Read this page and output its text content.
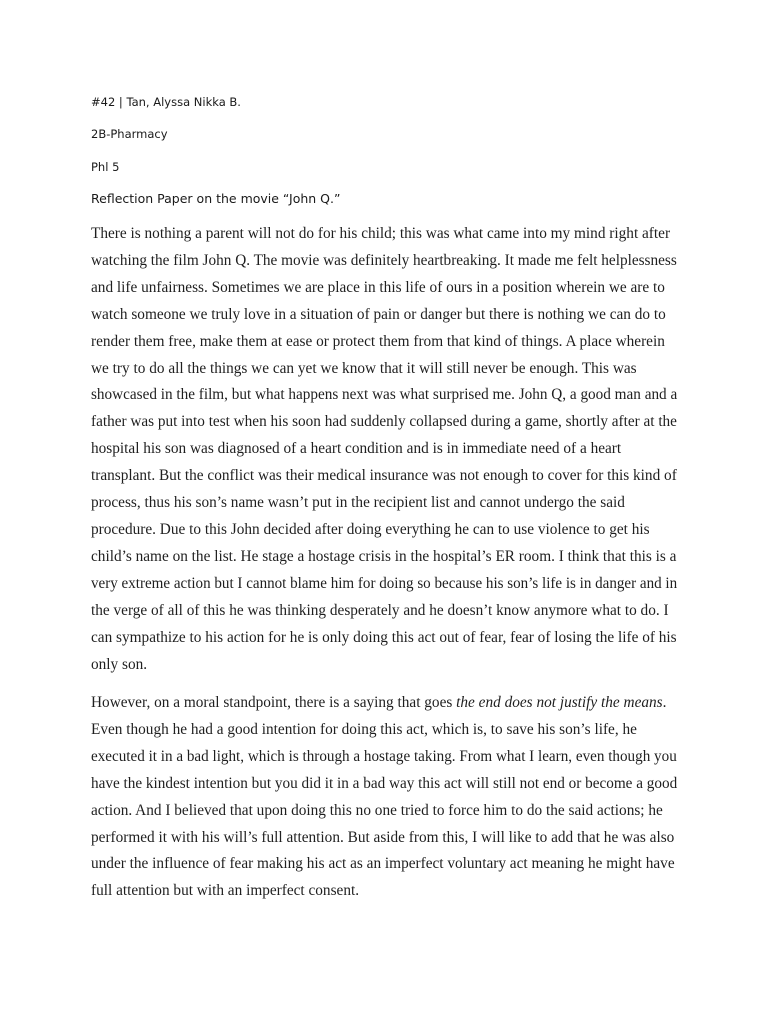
#42 | Tan, Alyssa Nikka B.
2B-Pharmacy
Phl 5
Reflection Paper on the movie “John Q.”
There is nothing a parent will not do for his child; this was what came into my mind right after
watching the film John Q. The movie was definitely heartbreaking. It made me felt helplessness
and life unfairness. Sometimes we are place in this life of ours in a position wherein we are to
watch someone we truly love in a situation of pain or danger but there is nothing we can do to
render them free, make them at ease or protect them from that kind of things. A place wherein
we try to do all the things we can yet we know that it will still never be enough. This was
showcased in the film, but what happens next was what surprised me. John Q, a good man and a
father was put into test when his soon had suddenly collapsed during a game, shortly after at the
hospital his son was diagnosed of a heart condition and is in immediate need of a heart
transplant. But the conflict was their medical insurance was not enough to cover for this kind of
process, thus his son’s name wasn’t put in the recipient list and cannot undergo the said
procedure. Due to this John decided after doing everything he can to use violence to get his
child’s name on the list. He stage a hostage crisis in the hospital’s ER room. I think that this is a
very extreme action but I cannot blame him for doing so because his son’s life is in danger and in
the verge of all of this he was thinking desperately and he doesn’t know anymore what to do. I
can sympathize to his action for he is only doing this act out of fear, fear of losing the life of his
only son.
However, on a moral standpoint, there is a saying that goes the end does not justify the means.
Even though he had a good intention for doing this act, which is, to save his son’s life, he
executed it in a bad light, which is through a hostage taking. From what I learn, even though you
have the kindest intention but you did it in a bad way this act will still not end or become a good
action. And I believed that upon doing this no one tried to force him to do the said actions; he
performed it with his will’s full attention. But aside from this, I will like to add that he was also
under the influence of fear making his act as an imperfect voluntary act meaning he might have
full attention but with an imperfect consent.
